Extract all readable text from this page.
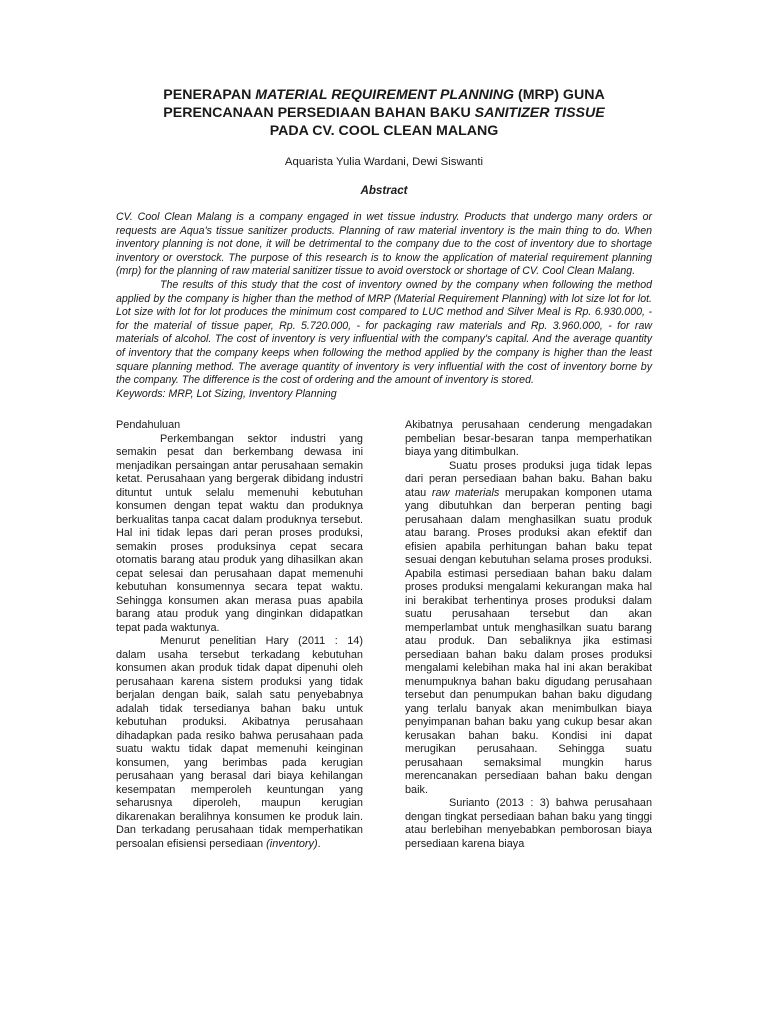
PENERAPAN MATERIAL REQUIREMENT PLANNING (MRP) GUNA
PERENCANAAN PERSEDIAAN BAHAN BAKU SANITIZER TISSUE
PADA CV. COOL CLEAN MALANG
Aquarista Yulia Wardani, Dewi Siswanti
Abstract

CV. Cool Clean Malang is a company engaged in wet tissue industry. Products that undergo many orders or requests are Aqua's tissue sanitizer products. Planning of raw material inventory is the main thing to do. When inventory planning is not done, it will be detrimental to the company due to the cost of inventory due to shortage inventory or overstock. The purpose of this research is to know the application of material requirement planning (mrp) for the planning of raw material sanitizer tissue to avoid overstock or shortage of CV. Cool Clean Malang.

The results of this study that the cost of inventory owned by the company when following the method applied by the company is higher than the method of MRP (Material Requirement Planning) with lot size lot for lot. Lot size with lot for lot produces the minimum cost compared to LUC method and Silver Meal is Rp. 6.930.000, - for the material of tissue paper, Rp. 5.720.000, - for packaging raw materials and Rp. 3.960.000, - for raw materials of alcohol. The cost of inventory is very influential with the company's capital. And the average quantity of inventory that the company keeps when following the method applied by the company is higher than the least square planning method. The average quantity of inventory is very influential with the cost of inventory borne by the company. The difference is the cost of ordering and the amount of inventory is stored.

Keywords: MRP, Lot Sizing, Inventory Planning

Pendahuluan

Perkembangan sektor industri yang semakin pesat dan berkembang dewasa ini menjadikan persaingan antar perusahaan semakin ketat. Perusahaan yang bergerak dibidang industri dituntut untuk selalu memenuhi kebutuhan konsumen dengan tepat waktu dan produknya berkualitas tanpa cacat dalam produknya tersebut. Hal ini tidak lepas dari peran proses produksi, semakin proses produksinya cepat secara otomatis barang atau produk yang dihasilkan akan cepat selesai dan perusahaan dapat memenuhi kebutuhan konsumennya secara tepat waktu. Sehingga konsumen akan merasa puas apabila barang atau produk yang dinginkan didapatkan tepat pada waktunya.

Menurut penelitian Hary (2011 : 14) dalam usaha tersebut terkadang kebutuhan konsumen akan produk tidak dapat dipenuhi oleh perusahaan karena sistem produksi yang tidak berjalan dengan baik, salah satu penyebabnya adalah tidak tersedianya bahan baku untuk kebutuhan produksi. Akibatnya perusahaan dihadapkan pada resiko bahwa perusahaan pada suatu waktu tidak dapat memenuhi keinginan konsumen, yang berimbas pada kerugian perusahaan yang berasal dari biaya kehilangan kesempatan memperoleh keuntungan yang seharusnya diperoleh, maupun kerugian dikarenakan beralihnya konsumen ke produk lain. Dan terkadang perusahaan tidak memperhatikan persoalan efisiensi persediaan (inventory).

Akibatnya perusahaan cenderung mengadakan pembelian besar-besaran tanpa memperhatikan biaya yang ditimbulkan.

Suatu proses produksi juga tidak lepas dari peran persediaan bahan baku. Bahan baku atau raw materials merupakan komponen utama yang dibutuhkan dan berperan penting bagi perusahaan dalam menghasilkan suatu produk atau barang. Proses produksi akan efektif dan efisien apabila perhitungan bahan baku tepat sesuai dengan kebutuhan selama proses produksi. Apabila estimasi persediaan bahan baku dalam proses produksi mengalami kekurangan maka hal ini berakibat terhentinya proses produksi dalam suatu perusahaan tersebut dan akan memperlambat untuk menghasilkan suatu barang atau produk. Dan sebaliknya jika estimasi persediaan bahan baku dalam proses produksi mengalami kelebihan maka hal ini akan berakibat menumpuknya bahan baku digudang perusahaan tersebut dan penumpukan bahan baku digudang yang terlalu banyak akan menimbulkan biaya penyimpanan bahan baku yang cukup besar akan kerusakan bahan baku. Kondisi ini dapat merugikan perusahaan. Sehingga suatu perusahaan semaksimal mungkin harus merencanakan persediaan bahan baku dengan baik.

Surianto (2013 : 3) bahwa perusahaan dengan tingkat persediaan bahan baku yang tinggi atau berlebihan menyebabkan pemborosan biaya persediaan karena biaya
